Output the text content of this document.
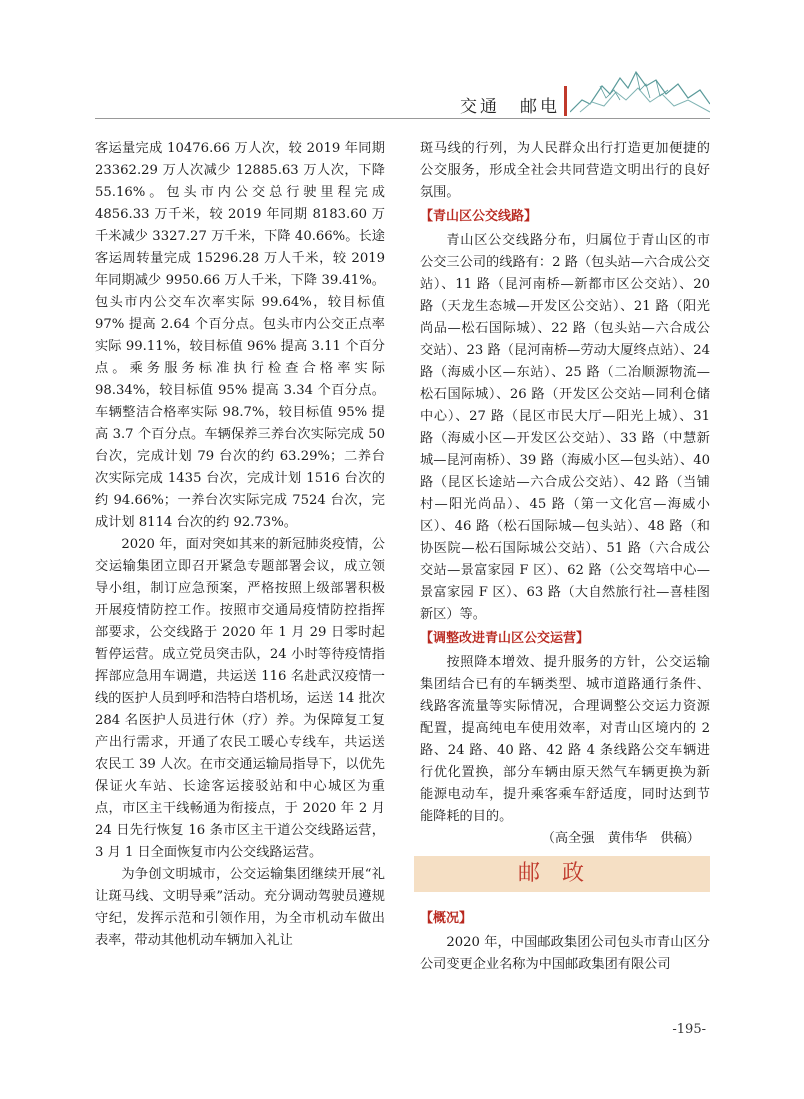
交通　邮电

客运量完成 10476.66 万人次，较 2019 年同期 23362.29 万人次减少 12885.63 万人次，下降 55.16%。包头市内公交总行驶里程完成 4856.33 万千米，较 2019 年同期 8183.60 万千米减少 3327.27 万千米，下降 40.66%。长途客运周转量完成 15296.28 万人千米，较 2019 年同期减少 9950.66 万人千米，下降 39.41%。包头市内公交车次率实际 99.64%，较目标值 97% 提高 2.64 个百分点。包头市内公交正点率实际 99.11%，较目标值 96% 提高 3.11 个百分点。乘务服务标准执行检查合格率实际 98.34%，较目标值 95% 提高 3.34 个百分点。车辆整洁合格率实际 98.7%，较目标值 95% 提高 3.7 个百分点。车辆保养三养台次实际完成 50 台次，完成计划 79 台次的约 63.29%；二养台次实际完成 1435 台次，完成计划 1516 台次的约 94.66%；一养台次实际完成 7524 台次，完成计划 8114 台次的约 92.73%。

2020 年，面对突如其来的新冠肺炎疫情，公交运输集团立即召开紧急专题部署会议，成立领导小组，制订应急预案，严格按照上级部署积极开展疫情防控工作。按照市交通局疫情防控指挥部要求，公交线路于 2020 年 1 月 29 日零时起暂停运营。成立党员突击队，24 小时等待疫情指挥部应急用车调遣，共运送 116 名赴武汉疫情一线的医护人员到呼和浩特白塔机场，运送 14 批次 284 名医护人员进行休（疗）养。为保障复工复产出行需求，开通了农民工暖心专线车，共运送农民工 39 人次。在市交通运输局指导下，以优先保证火车站、长途客运接驳站和中心城区为重点，市区主干线畅通为衔接点，于 2020 年 2 月 24 日先行恢复 16 条市区主干道公交线路运营，3 月 1 日全面恢复市内公交线路运营。

为争创文明城市，公交运输集团继续开展“礼让斑马线、文明导乘”活动。充分调动驾驶员遵规守纪，发挥示范和引领作用，为全市机动车做出表率，带动其他机动车辆加入礼让

斑马线的行列，为人民群众出行打造更加便捷的公交服务，形成全社会共同营造文明出行的良好氛围。

【青山区公交线路】

青山区公交线路分布，归属位于青山区的市公交三公司的线路有：2 路（包头站—六合成公交站）、11 路（昆河南桥—新都市区公交站）、20 路（天龙生态城—开发区公交站）、21 路（阳光尚品—松石国际城）、22 路（包头站—六合成公交站）、23 路（昆河南桥—劳动大厦终点站）、24 路（海威小区—东站）、25 路（二冶顺源物流—松石国际城）、26 路（开发区公交站—同利仓储中心）、27 路（昆区市民大厅—阳光上城）、31 路（海威小区—开发区公交站）、33 路（中慧新城—昆河南桥）、39 路（海威小区—包头站）、40 路（昆区长途站—六合成公交站）、42 路（当铺村—阳光尚品）、45 路（第一文化宫—海威小区）、46 路（松石国际城—包头站）、48 路（和协医院—松石国际城公交站）、51 路（六合成公交站—景富家园 F 区）、62 路（公交驾培中心—景富家园 F 区）、63 路（大自然旅行社—喜桂图新区）等。

【调整改进青山区公交运营】

按照降本增效、提升服务的方针，公交运输集团结合已有的车辆类型、城市道路通行条件、线路客流量等实际情况，合理调整公交运力资源配置，提高纯电车使用效率，对青山区境内的 2 路、24 路、40 路、42 路 4 条线路公交车辆进行优化置换，部分车辆由原天然气车辆更换为新能源电动车，提升乘客乘车舒适度，同时达到节能降耗的目的。

（高全强　黄伟华　供稿）

邮政
【概况】

2020 年，中国邮政集团公司包头市青山区分公司变更企业名称为中国邮政集团有限公司

-195-
